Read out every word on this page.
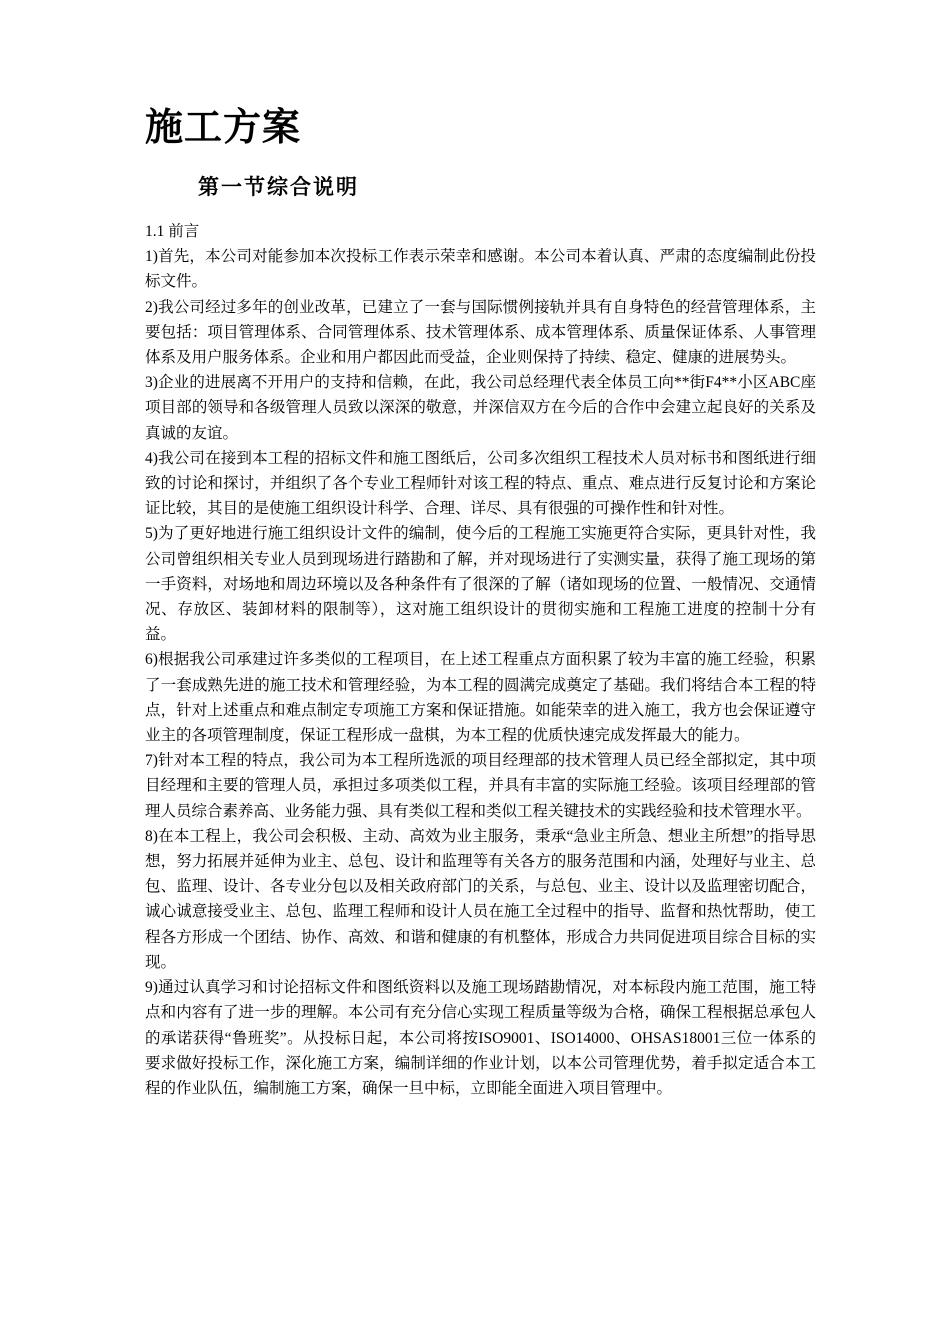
施工方案
第一节综合说明

1.1 前言

1)首先，本公司对能参加本次投标工作表示荣幸和感谢。本公司本着认真、严肃的态度编制此份投标文件。

2)我公司经过多年的创业改革，已建立了一套与国际惯例接轨并具有自身特色的经营管理体系，主要包括：项目管理体系、合同管理体系、技术管理体系、成本管理体系、质量保证体系、人事管理体系及用户服务体系。企业和用户都因此而受益，企业则保持了持续、稳定、健康的进展势头。

3)企业的进展离不开用户的支持和信赖，在此，我公司总经理代表全体员工向**街F4**小区ABC座项目部的领导和各级管理人员致以深深的敬意，并深信双方在今后的合作中会建立起良好的关系及真诚的友谊。

4)我公司在接到本工程的招标文件和施工图纸后，公司多次组织工程技术人员对标书和图纸进行细致的讨论和探讨，并组织了各个专业工程师针对该工程的特点、重点、难点进行反复讨论和方案论证比较，其目的是使施工组织设计科学、合理、详尽、具有很强的可操作性和针对性。

5)为了更好地进行施工组织设计文件的编制，使今后的工程施工实施更符合实际，更具针对性，我公司曾组织相关专业人员到现场进行踏勘和了解，并对现场进行了实测实量，获得了施工现场的第一手资料，对场地和周边环境以及各种条件有了很深的了解（诸如现场的位置、一般情况、交通情况、存放区、装卸材料的限制等），这对施工组织设计的贯彻实施和工程施工进度的控制十分有益。

6)根据我公司承建过许多类似的工程项目，在上述工程重点方面积累了较为丰富的施工经验，积累了一套成熟先进的施工技术和管理经验，为本工程的圆满完成奠定了基础。我们将结合本工程的特点，针对上述重点和难点制定专项施工方案和保证措施。如能荣幸的进入施工，我方也会保证遵守业主的各项管理制度，保证工程形成一盘棋，为本工程的优质快速完成发挥最大的能力。

7)针对本工程的特点，我公司为本工程所选派的项目经理部的技术管理人员已经全部拟定，其中项目经理和主要的管理人员，承担过多项类似工程，并具有丰富的实际施工经验。该项目经理部的管理人员综合素养高、业务能力强、具有类似工程和类似工程关键技术的实践经验和技术管理水平。

8)在本工程上，我公司会积极、主动、高效为业主服务，秉承“急业主所急、想业主所想”的指导思想，努力拓展并延伸为业主、总包、设计和监理等有关各方的服务范围和内涵，处理好与业主、总包、监理、设计、各专业分包以及相关政府部门的关系，与总包、业主、设计以及监理密切配合，诚心诚意接受业主、总包、监理工程师和设计人员在施工全过程中的指导、监督和热忱帮助，使工程各方形成一个团结、协作、高效、和谐和健康的有机整体，形成合力共同促进项目综合目标的实现。

9)通过认真学习和讨论招标文件和图纸资料以及施工现场踏勘情况，对本标段内施工范围，施工特点和内容有了进一步的理解。本公司有充分信心实现工程质量等级为合格，确保工程根据总承包人的承诺获得“鲁班奖”。从投标日起，本公司将按ISO9001、ISO14000、OHSAS18001三位一体系的要求做好投标工作，深化施工方案，编制详细的作业计划，以本公司管理优势，着手拟定适合本工程的作业队伍，编制施工方案，确保一旦中标，立即能全面进入项目管理中。
